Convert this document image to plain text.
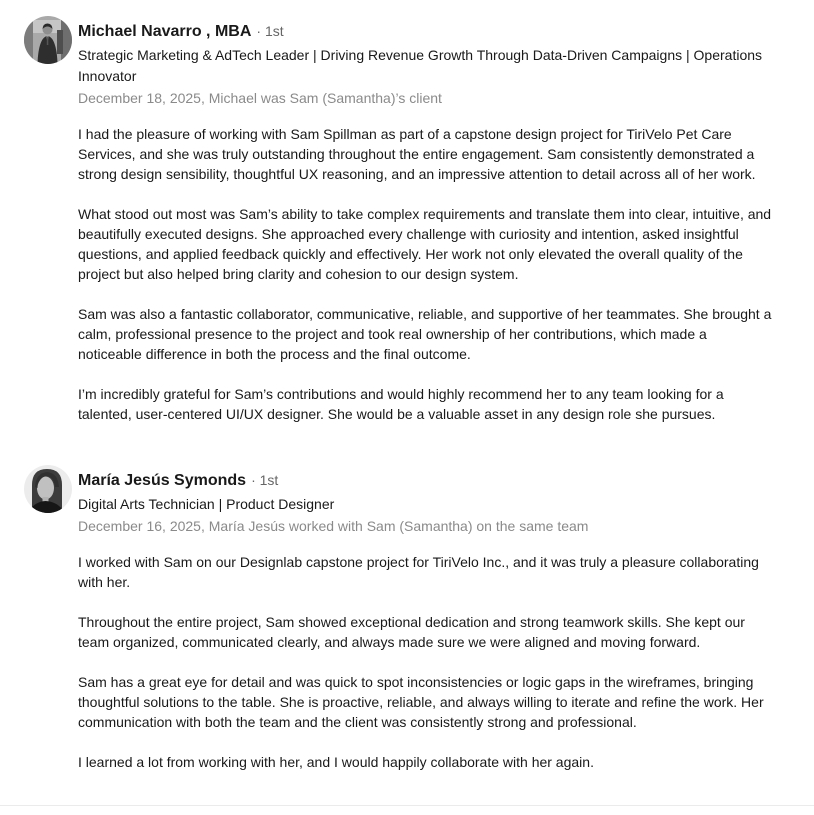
Michael Navarro , MBA · 1st
Strategic Marketing & AdTech Leader | Driving Revenue Growth Through Data-Driven Campaigns | Operations Innovator
December 18, 2025, Michael was Sam (Samantha)’s client

I had the pleasure of working with Sam Spillman as part of a capstone design project for TiriVelo Pet Care Services, and she was truly outstanding throughout the entire engagement. Sam consistently demonstrated a strong design sensibility, thoughtful UX reasoning, and an impressive attention to detail across all of her work.

What stood out most was Sam’s ability to take complex requirements and translate them into clear, intuitive, and beautifully executed designs. She approached every challenge with curiosity and intention, asked insightful questions, and applied feedback quickly and effectively. Her work not only elevated the overall quality of the project but also helped bring clarity and cohesion to our design system.

Sam was also a fantastic collaborator, communicative, reliable, and supportive of her teammates. She brought a calm, professional presence to the project and took real ownership of her contributions, which made a noticeable difference in both the process and the final outcome.

I’m incredibly grateful for Sam’s contributions and would highly recommend her to any team looking for a talented, user-centered UI/UX designer. She would be a valuable asset in any design role she pursues.

María Jesús Symonds · 1st
Digital Arts Technician | Product Designer
December 16, 2025, María Jesús worked with Sam (Samantha) on the same team

I worked with Sam on our Designlab capstone project for TiriVelo Inc., and it was truly a pleasure collaborating with her.

Throughout the entire project, Sam showed exceptional dedication and strong teamwork skills. She kept our team organized, communicated clearly, and always made sure we were aligned and moving forward.

Sam has a great eye for detail and was quick to spot inconsistencies or logic gaps in the wireframes, bringing thoughtful solutions to the table. She is proactive, reliable, and always willing to iterate and refine the work. Her communication with both the team and the client was consistently strong and professional.

I learned a lot from working with her, and I would happily collaborate with her again.
